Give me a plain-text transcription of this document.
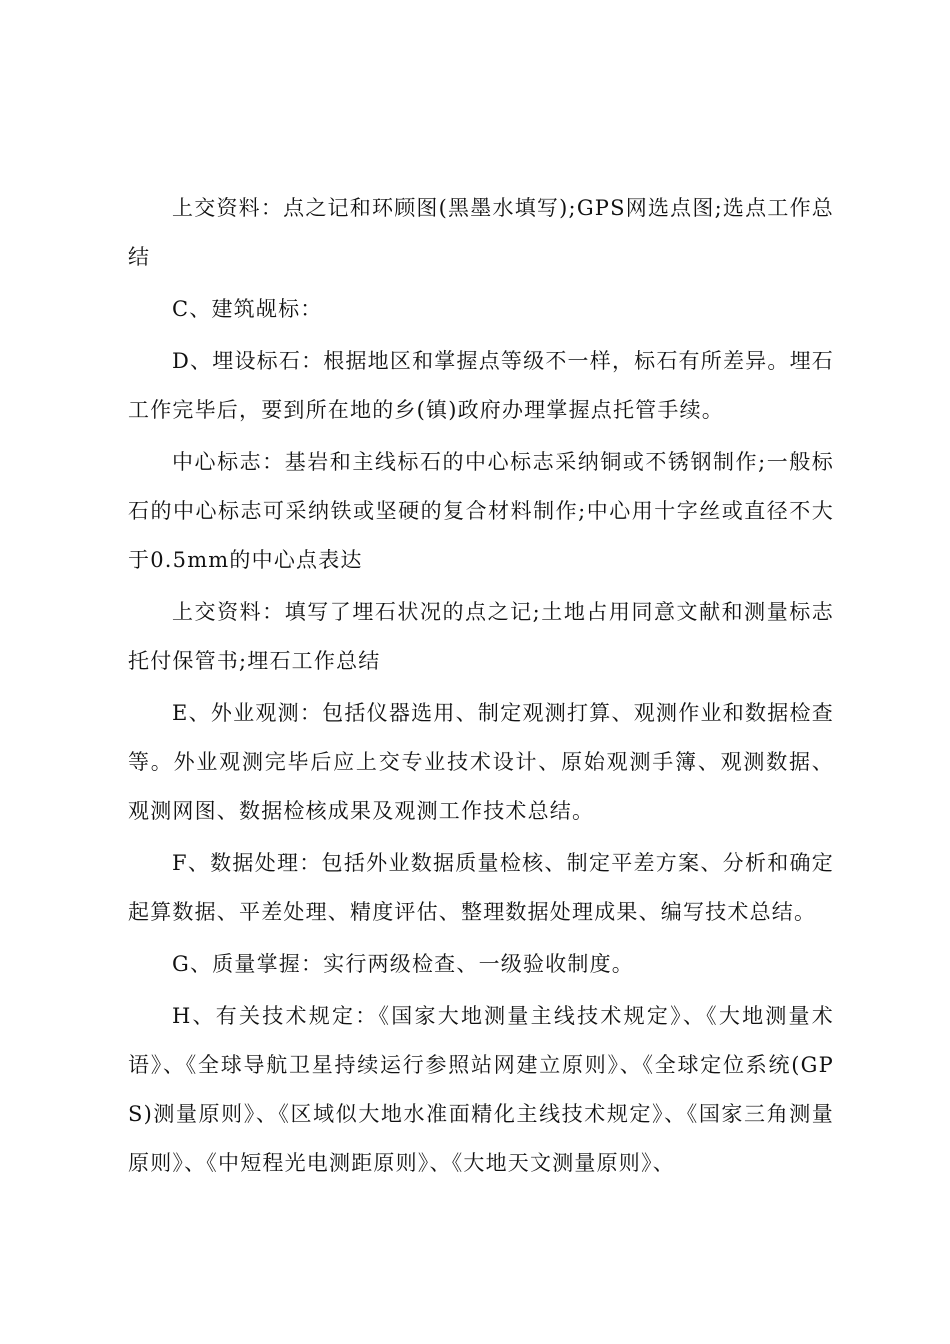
上交资料：点之记和环顾图(黑墨水填写);GPS网选点图;选点工作总结

C、建筑觇标：

D、埋设标石：根据地区和掌握点等级不一样，标石有所差异。埋石工作完毕后，要到所在地的乡(镇)政府办理掌握点托管手续。

中心标志：基岩和主线标石的中心标志采纳铜或不锈钢制作;一般标石的中心标志可采纳铁或坚硬的复合材料制作;中心用十字丝或直径不大于0.5mm的中心点表达

上交资料：填写了埋石状况的点之记;土地占用同意文献和测量标志托付保管书;埋石工作总结

E、外业观测：包括仪器选用、制定观测打算、观测作业和数据检查等。外业观测完毕后应上交专业技术设计、原始观测手簿、观测数据、观测网图、数据检核成果及观测工作技术总结。

F、数据处理：包括外业数据质量检核、制定平差方案、分析和确定起算数据、平差处理、精度评估、整理数据处理成果、编写技术总结。

G、质量掌握：实行两级检查、一级验收制度。

H、有关技术规定：《国家大地测量主线技术规定》、《大地测量术语》、《全球导航卫星持续运行参照站网建立原则》、《全球定位系统(GPS)测量原则》、《区域似大地水准面精化主线技术规定》、《国家三角测量原则》、《中短程光电测距原则》、《大地天文测量原则》、
